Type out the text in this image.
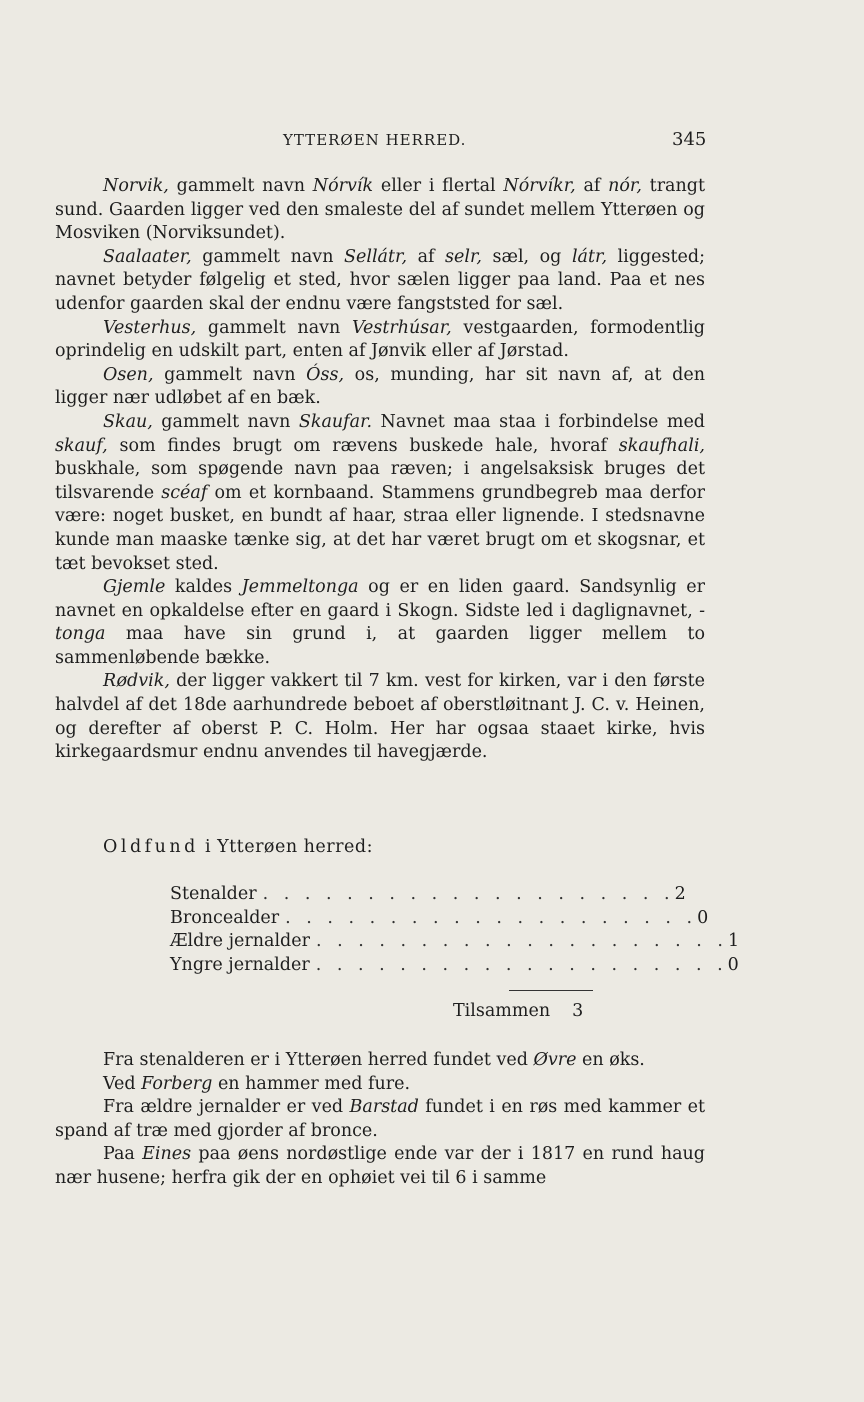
YTTERØEN HERRED.	345

Norvik, gammelt navn Nórvík eller i flertal Nórvíkr, af nór, trangt sund. Gaarden ligger ved den smaleste del af sundet mellem Ytterøen og Mosviken (Norviksundet).

Saalaater, gammelt navn Sellátr, af selr, sæl, og látr, liggested; navnet betyder følgelig et sted, hvor sælen ligger paa land. Paa et nes udenfor gaarden skal der endnu være fangststed for sæl.

Vesterhus, gammelt navn Vestrhúsar, vestgaarden, formodentlig oprindelig en udskilt part, enten af Jønvik eller af Jørstad.

Osen, gammelt navn Óss, os, munding, har sit navn af, at den ligger nær udløbet af en bæk.

Skau, gammelt navn Skaufar. Navnet maa staa i forbindelse med skauf, som findes brugt om rævens buskede hale, hvoraf skaufhali, buskhale, som spøgende navn paa ræven; i angelsaksisk bruges det tilsvarende scéaf om et kornbaand. Stammens grundbegreb maa derfor være: noget busket, en bundt af haar, straa eller lignende. I stedsnavne kunde man maaske tænke sig, at det har været brugt om et skogsnar, et tæt bevokset sted.

Gjemle kaldes Jemmeltonga og er en liden gaard. Sandsynlig er navnet en opkaldelse efter en gaard i Skogn. Sidste led i daglignavnet, -tonga maa have sin grund i, at gaarden ligger mellem to sammenløbende bække.

Rødvik, der ligger vakkert til 7 km. vest for kirken, var i den første halvdel af det 18de aarhundrede beboet af oberstløitnant J. C. v. Heinen, og derefter af oberst P. C. Holm. Her har ogsaa staaet kirke, hvis kirkegaardsmur endnu anvendes til havegjærde.

Oldfund i Ytterøen herred:
Stenalder . . . . . . . . . . . . . . . . . . . . 2
Broncealder . . . . . . . . . . . . . . . . . . . . 0
Ældre jernalder . . . . . . . . . . . . . . . . . . . . 1
Yngre jernalder . . . . . . . . . . . . . . . . . . . . 0
Tilsammen 3

Fra stenalderen er i Ytterøen herred fundet ved Øvre en øks.

Ved Forberg en hammer med fure.

Fra ældre jernalder er ved Barstad fundet i en røs med kammer et spand af træ med gjorder af bronce.

Paa Eines paa øens nordøstlige ende var der i 1817 en rund haug nær husene; herfra gik der en ophøiet vei til 6 i samme
